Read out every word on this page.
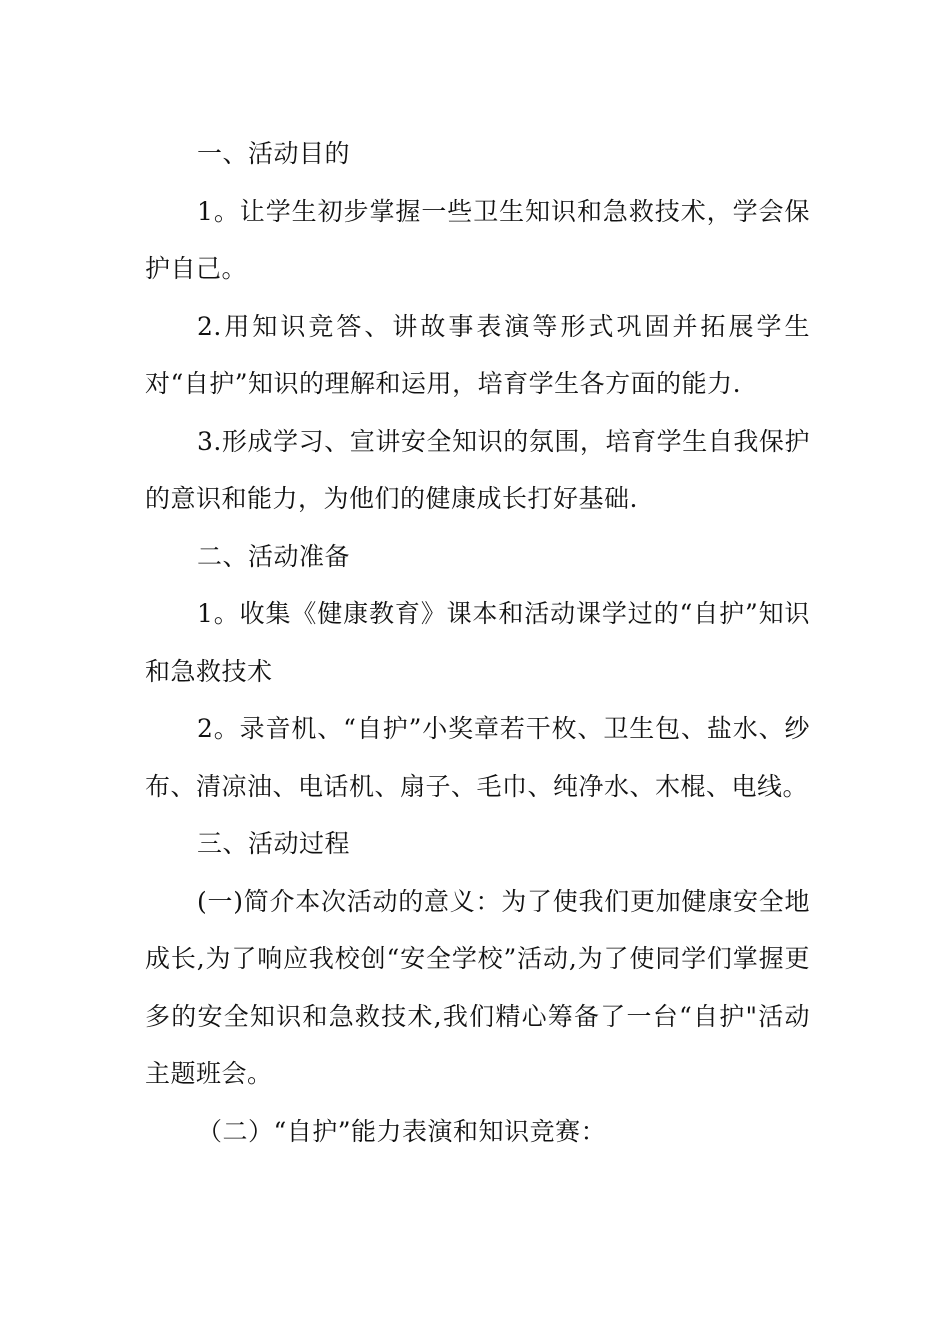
一、活动目的

1。让学生初步掌握一些卫生知识和急救技术，学会保护自己。

2.用知识竞答、讲故事表演等形式巩固并拓展学生对“自护”知识的理解和运用，培育学生各方面的能力.

3.形成学习、宣讲安全知识的氛围，培育学生自我保护的意识和能力，为他们的健康成长打好基础.

二、活动准备

1。收集《健康教育》课本和活动课学过的“自护”知识和急救技术

2。录音机、“自护”小奖章若干枚、卫生包、盐水、纱布、清凉油、电话机、扇子、毛巾、纯净水、木棍、电线。

三、活动过程

(一)简介本次活动的意义：为了使我们更加健康安全地成长,为了响应我校创“安全学校”活动,为了使同学们掌握更多的安全知识和急救技术,我们精心筹备了一台“自护"活动主题班会。

（二）“自护”能力表演和知识竞赛：
